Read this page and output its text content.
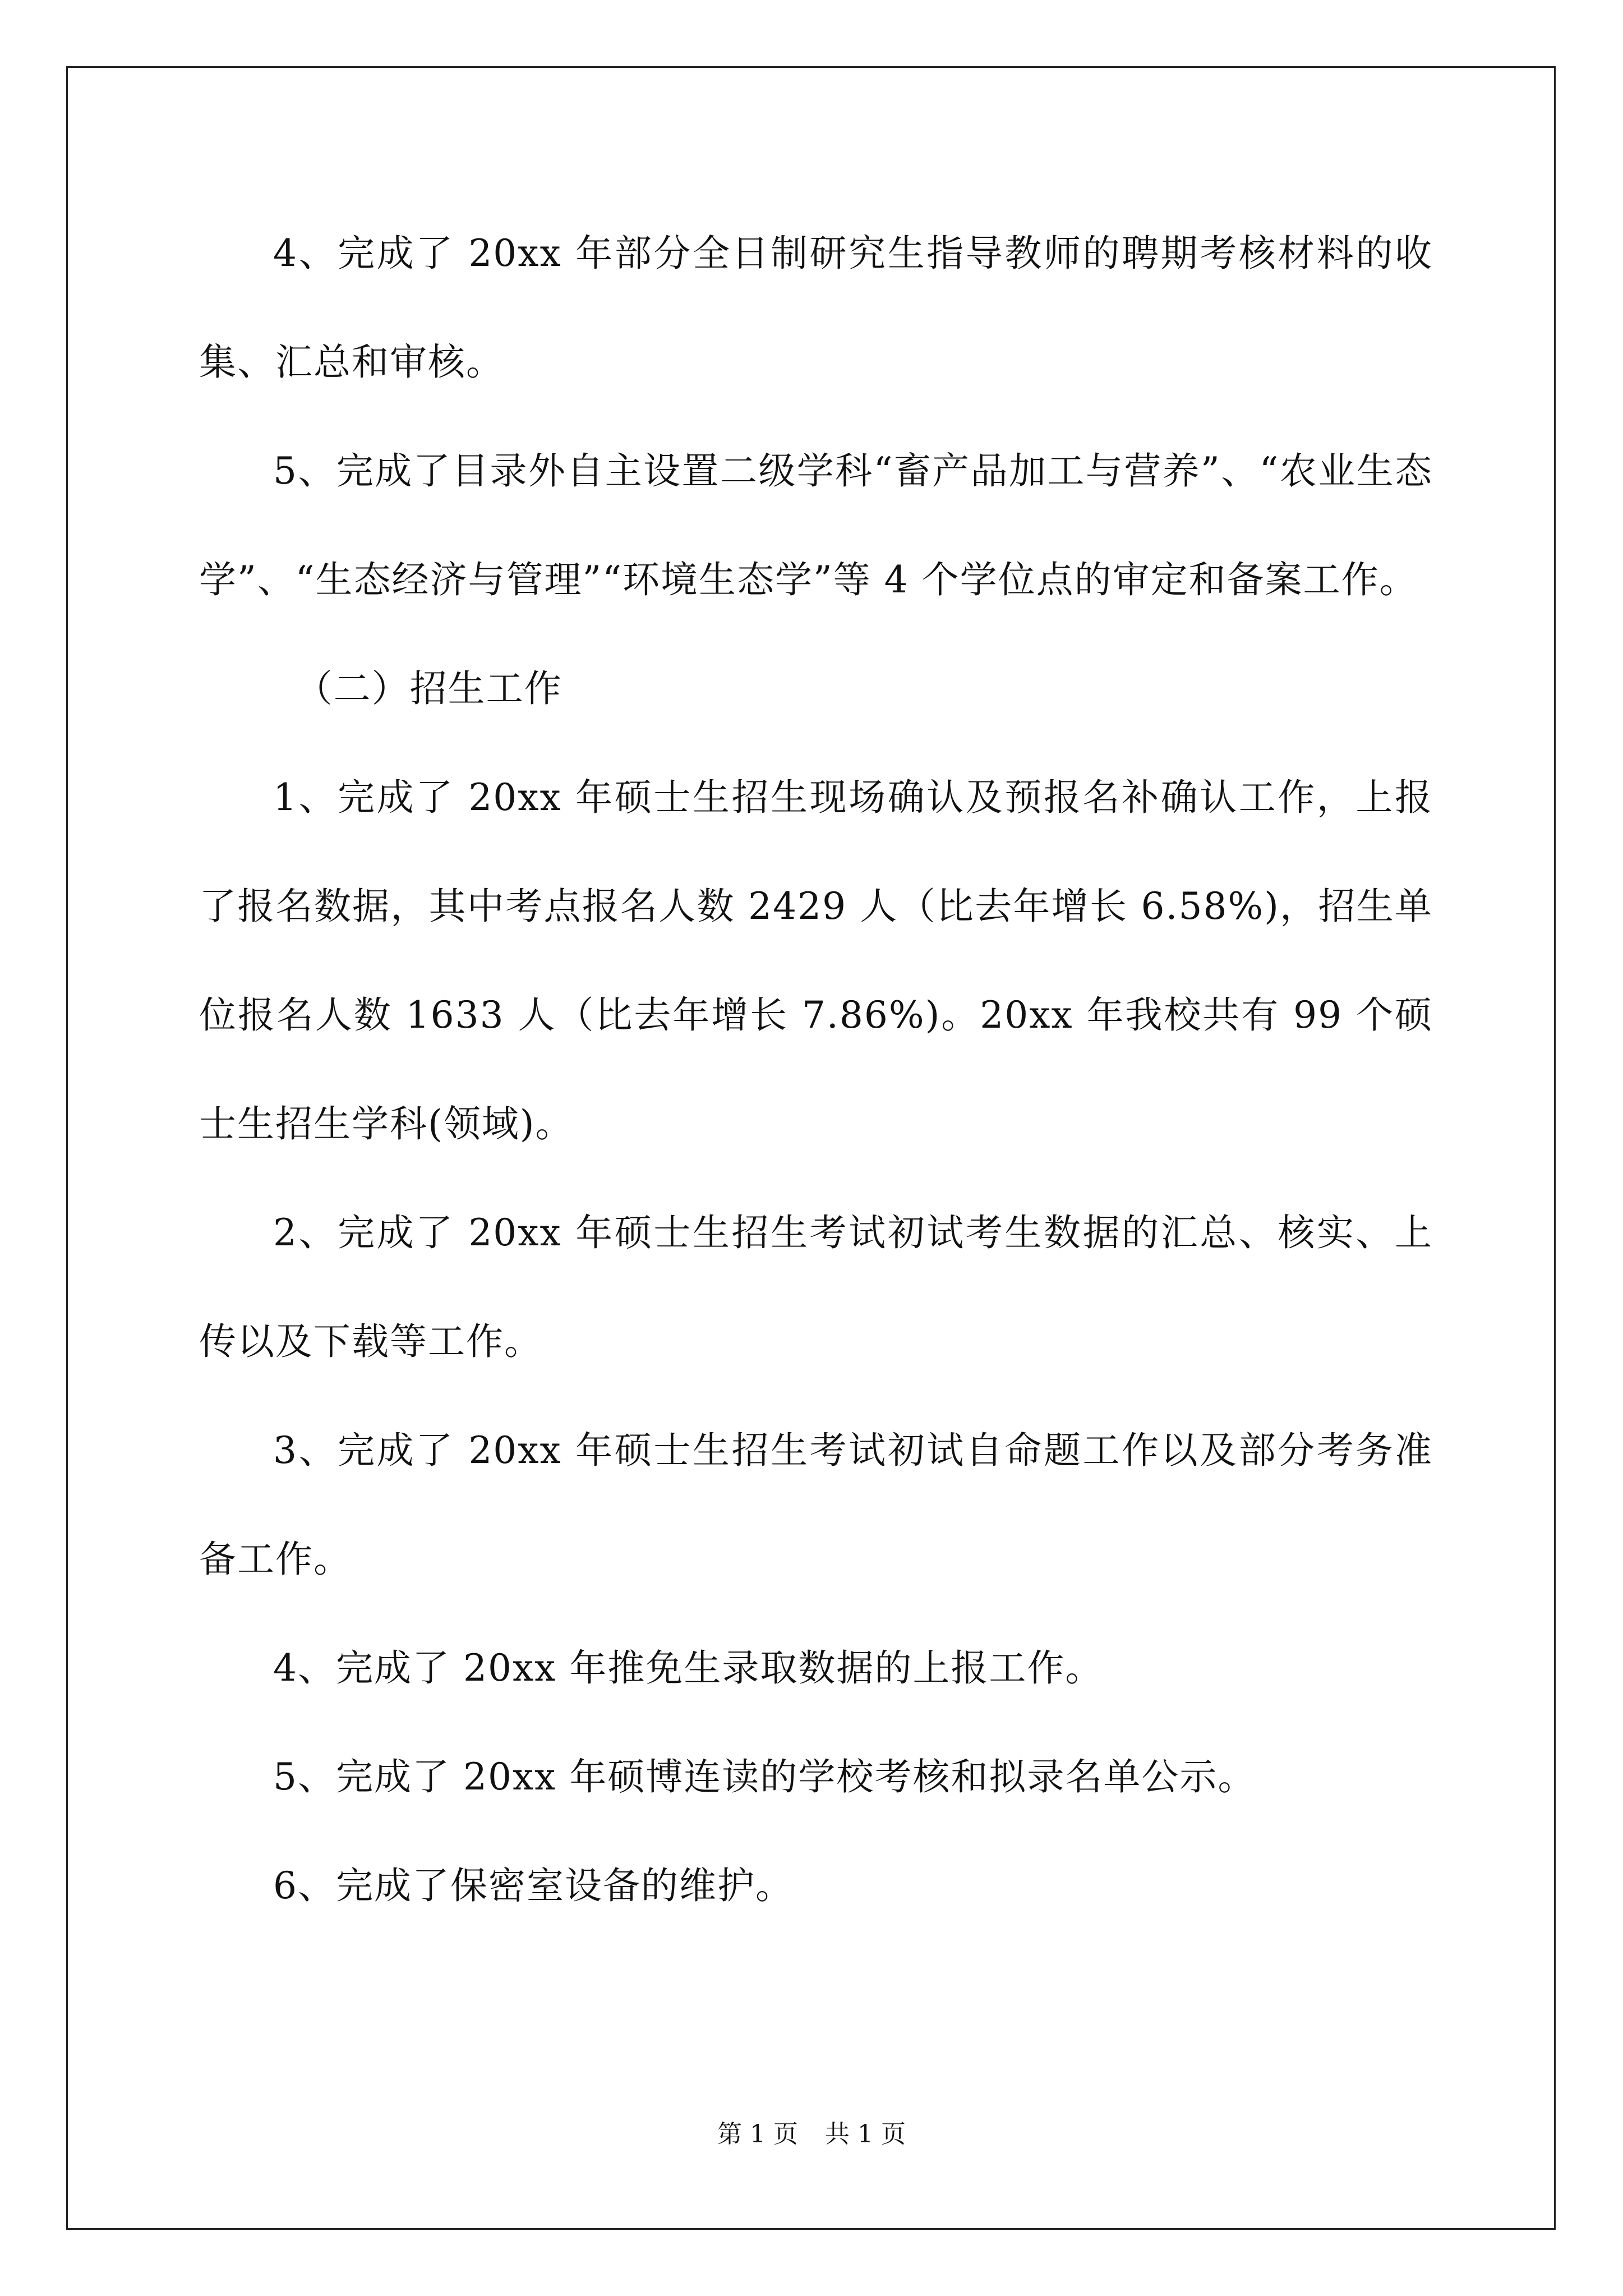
4、完成了 20xx 年部分全日制研究生指导教师的聘期考核材料的收集、汇总和审核。

5、完成了目录外自主设置二级学科“畜产品加工与营养”、“农业生态学”、“生态经济与管理”“环境生态学”等 4 个学位点的审定和备案工作。

（二）招生工作

1、完成了 20xx 年硕士生招生现场确认及预报名补确认工作，上报了报名数据，其中考点报名人数 2429 人（比去年增长 6.58%)，招生单位报名人数 1633 人（比去年增长 7.86%)。20xx 年我校共有 99 个硕士生招生学科(领域)。

2、完成了 20xx 年硕士生招生考试初试考生数据的汇总、核实、上传以及下载等工作。

3、完成了 20xx 年硕士生招生考试初试自命题工作以及部分考务准备工作。

4、完成了 20xx 年推免生录取数据的上报工作。

5、完成了 20xx 年硕博连读的学校考核和拟录名单公示。

6、完成了保密室设备的维护。

第 1 页 共 1 页
